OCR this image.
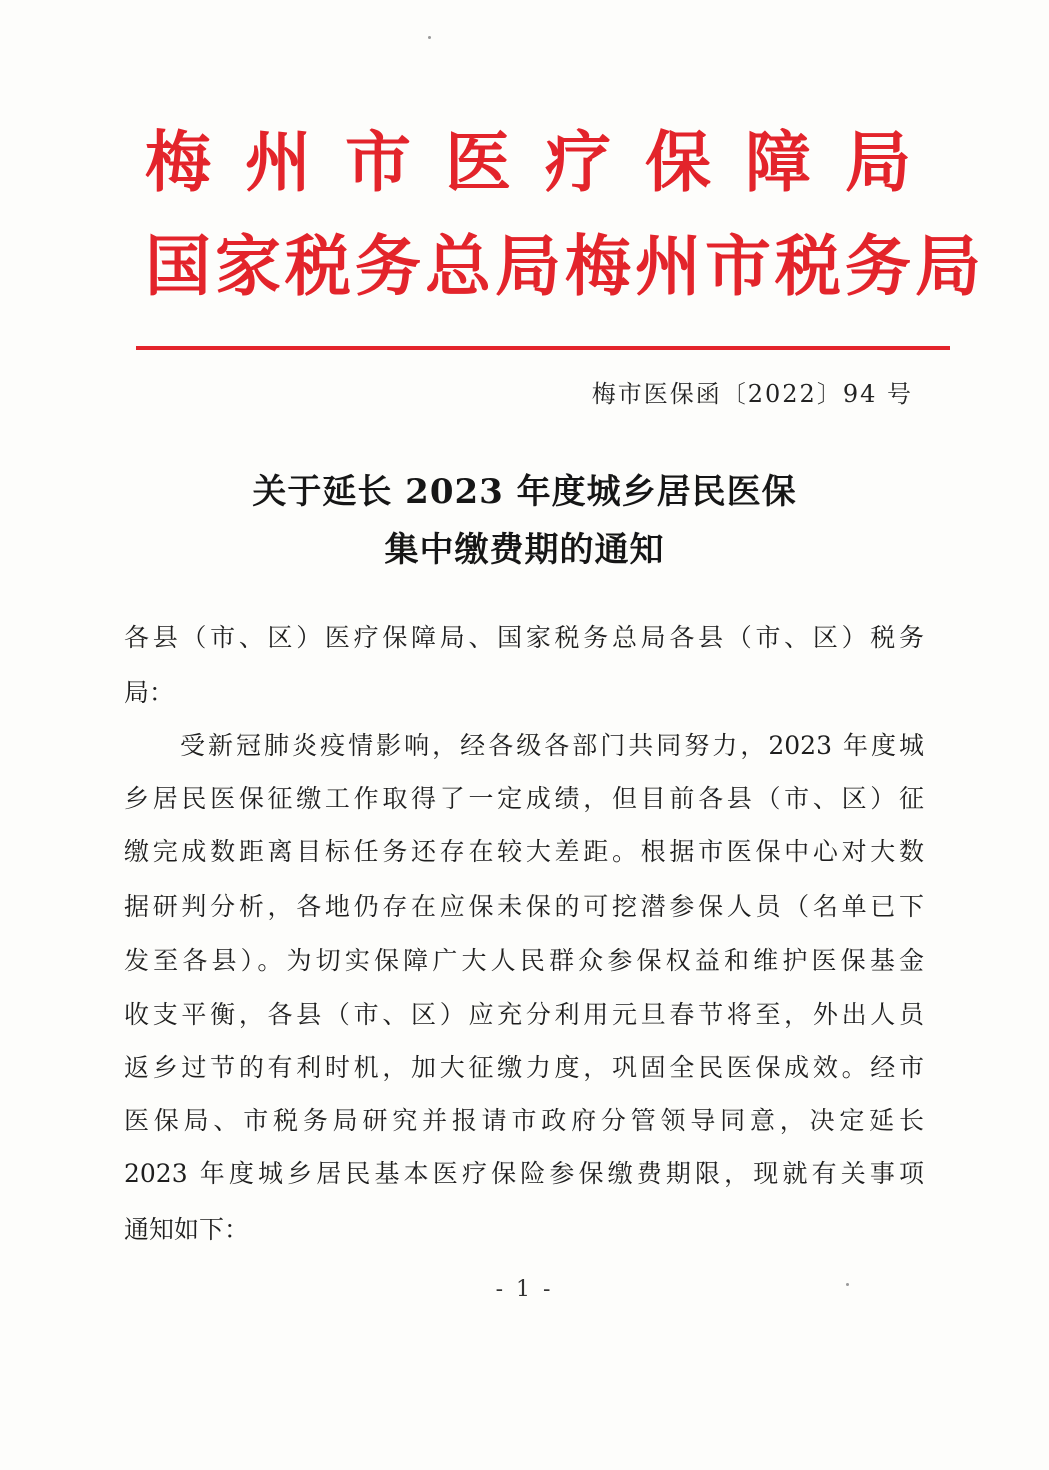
梅州市医疗保障局
国家税务总局梅州市税务局
梅市医保函〔2022〕94 号
关于延长 2023 年度城乡居民医保
集中缴费期的通知
各县（市、区）医疗保障局、国家税务总局各县（市、区）税务
局：
受新冠肺炎疫情影响，经各级各部门共同努力，2023 年度城
乡居民医保征缴工作取得了一定成绩，但目前各县（市、区）征
缴完成数距离目标任务还存在较大差距。根据市医保中心对大数
据研判分析，各地仍存在应保未保的可挖潜参保人员（名单已下
发至各县）。为切实保障广大人民群众参保权益和维护医保基金
收支平衡，各县（市、区）应充分利用元旦春节将至，外出人员
返乡过节的有利时机，加大征缴力度，巩固全民医保成效。经市
医保局、市税务局研究并报请市政府分管领导同意，决定延长
2023 年度城乡居民基本医疗保险参保缴费期限，现就有关事项
通知如下：
- 1 -
